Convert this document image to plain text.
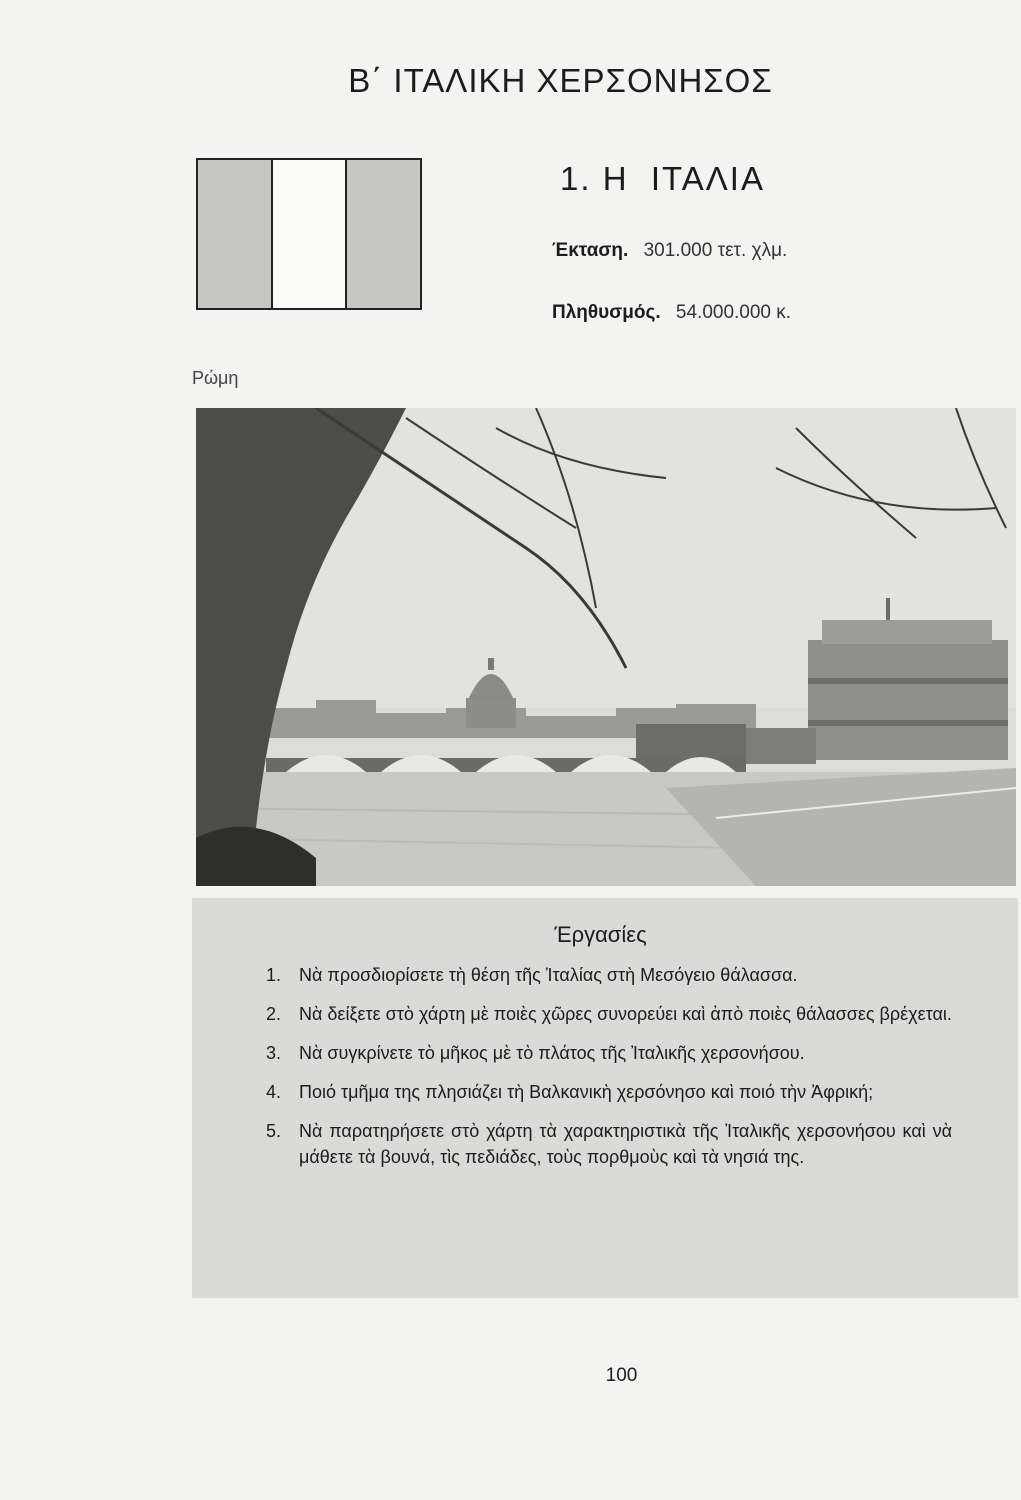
Β΄ ΙΤΑΛΙΚΗ ΧΕΡΣΟΝΗΣΟΣ
1. Η  ΙΤΑΛΙΑ
Έκταση. 301.000 τετ. χλμ.
Πληθυσμός. 54.000.000 κ.
Ρώμη
Έργασίες
1. Νὰ προσδιορίσετε τὴ θέση τῆς Ἰταλίας στὴ Μεσόγειο θάλασσα.
2. Νὰ δείξετε στὸ χάρτη μὲ ποιὲς χῶρες συνορεύει καὶ ἀπὸ ποιὲς θάλασσες βρέχεται.
3. Νὰ συγκρίνετε τὸ μῆκος μὲ τὸ πλάτος τῆς Ἰταλικῆς χερσονήσου.
4. Ποιό τμῆμα της πλησιάζει τὴ Βαλκανικὴ χερσόνησο καὶ ποιό τὴν Ἀφρική;
5. Νὰ παρατηρήσετε στὸ χάρτη τὰ χαρακτηριστικὰ τῆς Ἰταλικῆς χερσονήσου καὶ νὰ μάθετε τὰ βουνά, τὶς πεδιάδες, τοὺς πορθμοὺς καὶ τὰ νησιά της.
100
